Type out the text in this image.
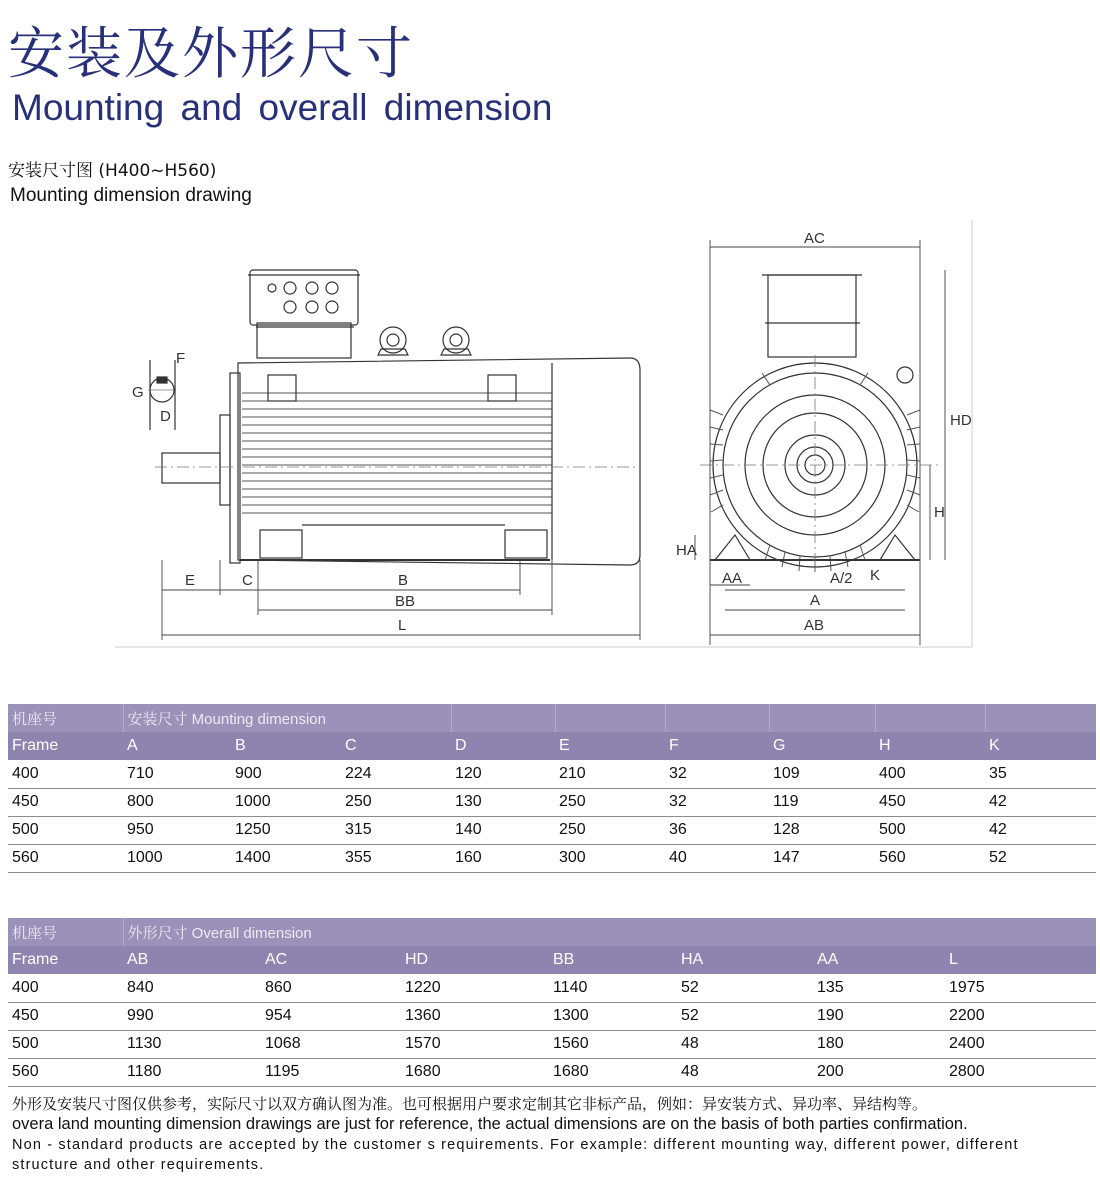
安装及外形尺寸
Mounting and overall dimension
安装尺寸图 (H400~H560)
Mounting dimension drawing
F
G
D
E	C	B
BB
L
AC
HD
HA
H
AA	A/2 K
A
AB
机座号	安装尺寸 Mounting dimension								
Frame	A	B	C	D	E	F	G	H	K
400	710	900	224	120	210	32	109	400	35
450	800	1000	250	130	250	32	119	450	42
500	950	1250	315	140	250	36	128	500	42
560	1000	1400	355	160	300	40	147	560	52
机座号	外形尺寸 Overall dimension						
Frame	AB	AC	HD	BB	HA	AA	L
400	840	860	1220	1140	52	135	1975
450	990	954	1360	1300	52	190	2200
500	1130	1068	1570	1560	48	180	2400
560	1180	1195	1680	1680	48	200	2800
外形及安装尺寸图仅供参考，实际尺寸以双方确认图为准。也可根据用户要求定制其它非标产品，例如：异安装方式、异功率、异结构等。
overa land mounting dimension drawings are just for reference, the actual dimensions are on the basis of both parties confirmation.
Non - standard products are accepted by the customer s requirements. For example: different mounting way, different power, different structure and other requirements.
